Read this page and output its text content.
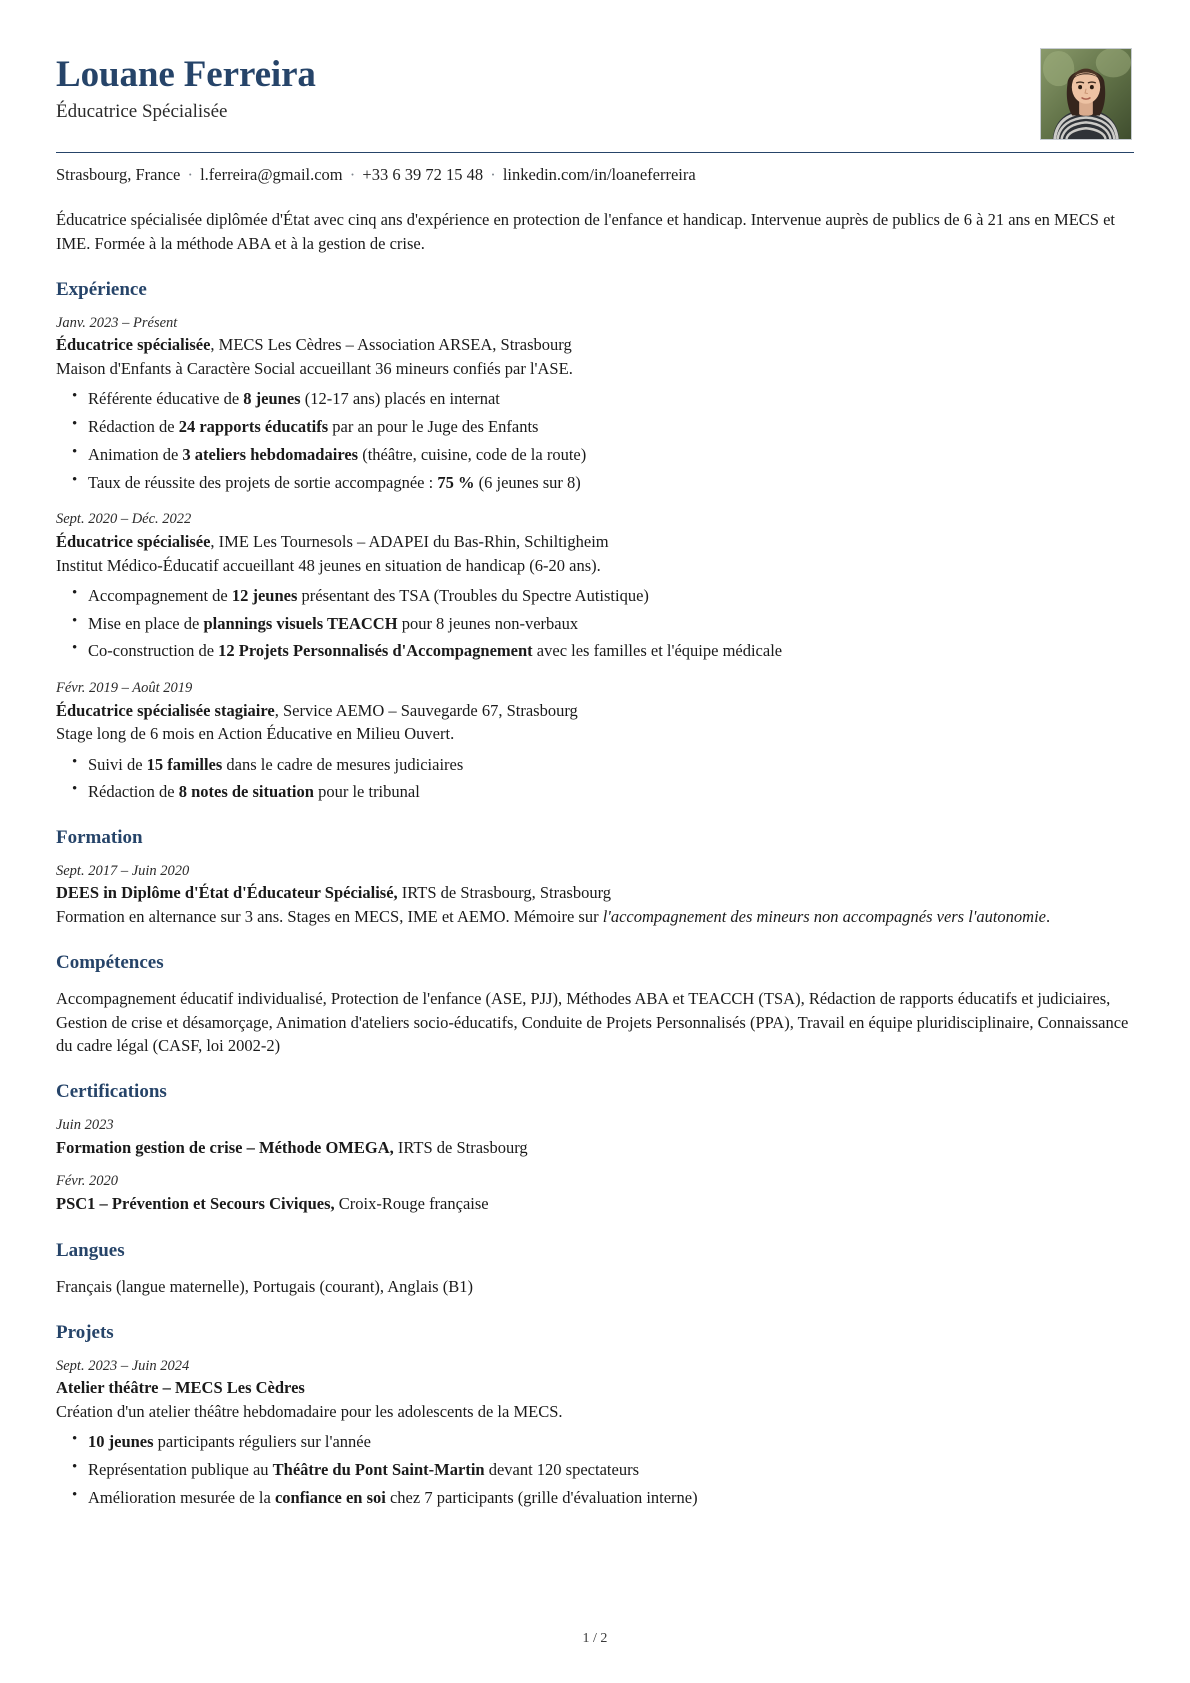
Louane Ferreira
Éducatrice Spécialisée
Strasbourg, France · l.ferreira@gmail.com · +33 6 39 72 15 48 · linkedin.com/in/loaneferreira
Éducatrice spécialisée diplômée d'État avec cinq ans d'expérience en protection de l'enfance et handicap. Intervenue auprès de publics de 6 à 21 ans en MECS et IME. Formée à la méthode ABA et à la gestion de crise.
Expérience
Janv. 2023 – Présent
Éducatrice spécialisée, MECS Les Cèdres – Association ARSEA, Strasbourg
Maison d'Enfants à Caractère Social accueillant 36 mineurs confiés par l'ASE.
• Référente éducative de 8 jeunes (12-17 ans) placés en internat
• Rédaction de 24 rapports éducatifs par an pour le Juge des Enfants
• Animation de 3 ateliers hebdomadaires (théâtre, cuisine, code de la route)
• Taux de réussite des projets de sortie accompagnée : 75 % (6 jeunes sur 8)
Sept. 2020 – Déc. 2022
Éducatrice spécialisée, IME Les Tournesols – ADAPEI du Bas-Rhin, Schiltigheim
Institut Médico-Éducatif accueillant 48 jeunes en situation de handicap (6-20 ans).
• Accompagnement de 12 jeunes présentant des TSA (Troubles du Spectre Autistique)
• Mise en place de plannings visuels TEACCH pour 8 jeunes non-verbaux
• Co-construction de 12 Projets Personnalisés d'Accompagnement avec les familles et l'équipe médicale
Févr. 2019 – Août 2019
Éducatrice spécialisée stagiaire, Service AEMO – Sauvegarde 67, Strasbourg
Stage long de 6 mois en Action Éducative en Milieu Ouvert.
• Suivi de 15 familles dans le cadre de mesures judiciaires
• Rédaction de 8 notes de situation pour le tribunal
Formation
Sept. 2017 – Juin 2020
DEES in Diplôme d'État d'Éducateur Spécialisé, IRTS de Strasbourg, Strasbourg
Formation en alternance sur 3 ans. Stages en MECS, IME et AEMO. Mémoire sur l'accompagnement des mineurs non accompagnés vers l'autonomie.
Compétences
Accompagnement éducatif individualisé, Protection de l'enfance (ASE, PJJ), Méthodes ABA et TEACCH (TSA), Rédaction de rapports éducatifs et judiciaires, Gestion de crise et désamorçage, Animation d'ateliers socio-éducatifs, Conduite de Projets Personnalisés (PPA), Travail en équipe pluridisciplinaire, Connaissance du cadre légal (CASF, loi 2002-2)
Certifications
Juin 2023
Formation gestion de crise – Méthode OMEGA, IRTS de Strasbourg
Févr. 2020
PSC1 – Prévention et Secours Civiques, Croix-Rouge française
Langues
Français (langue maternelle), Portugais (courant), Anglais (B1)
Projets
Sept. 2023 – Juin 2024
Atelier théâtre – MECS Les Cèdres
Création d'un atelier théâtre hebdomadaire pour les adolescents de la MECS.
• 10 jeunes participants réguliers sur l'année
• Représentation publique au Théâtre du Pont Saint-Martin devant 120 spectateurs
• Amélioration mesurée de la confiance en soi chez 7 participants (grille d'évaluation interne)
1 / 2
